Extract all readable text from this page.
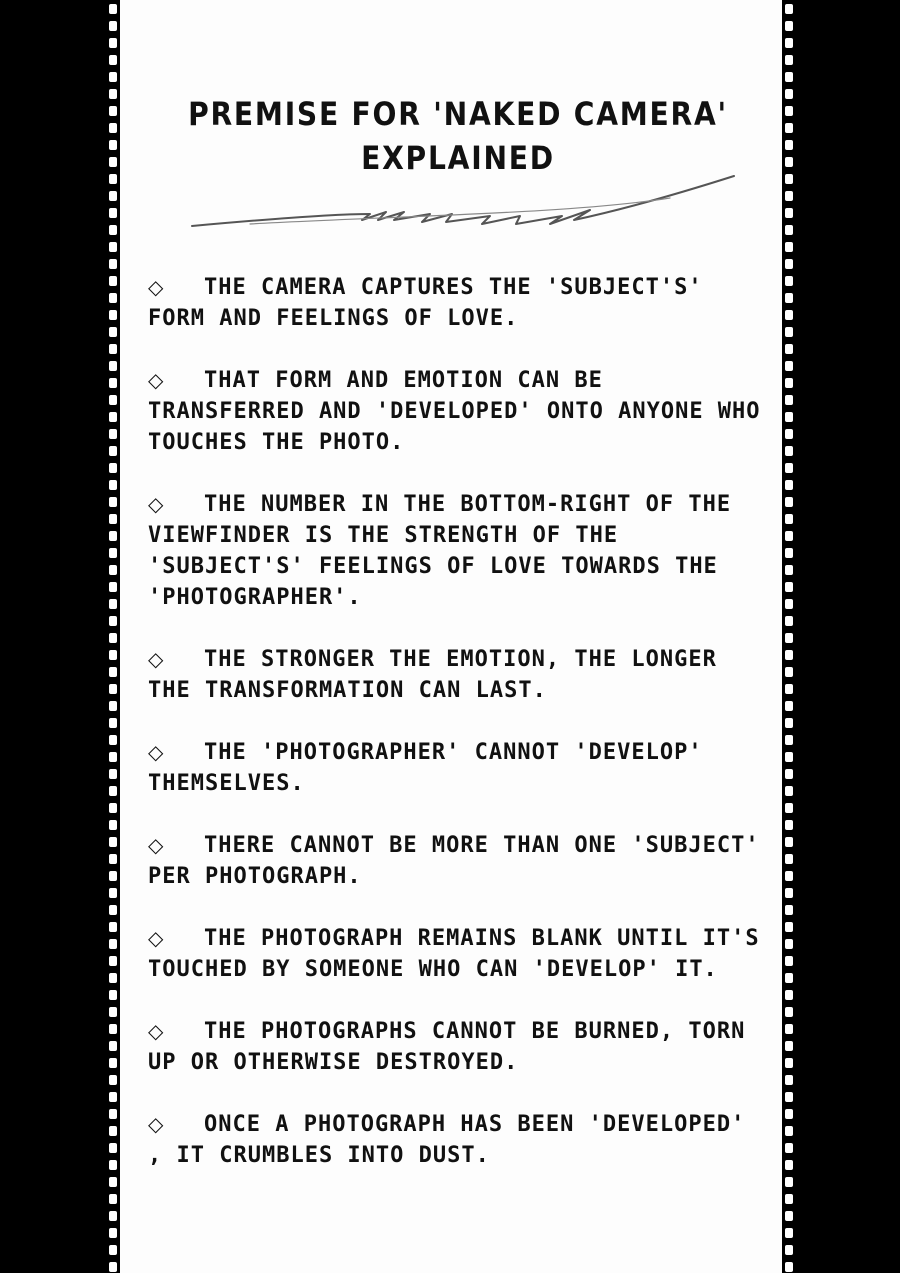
PREMISE FOR 'NAKED CAMERA' EXPLAINED
◇ THE CAMERA CAPTURES THE 'SUBJECT'S' FORM AND FEELINGS OF LOVE.
◇ THAT FORM AND EMOTION CAN BE TRANSFERRED AND 'DEVELOPED' ONTO ANYONE WHO TOUCHES THE PHOTO.
◇ THE NUMBER IN THE BOTTOM-RIGHT OF THE VIEWFINDER IS THE STRENGTH OF THE 'SUBJECT'S' FEELINGS OF LOVE TOWARDS THE 'PHOTOGRAPHER'.
◇ THE STRONGER THE EMOTION, THE LONGER THE TRANSFORMATION CAN LAST.
◇ THE 'PHOTOGRAPHER' CANNOT 'DEVELOP' THEMSELVES.
◇ THERE CANNOT BE MORE THAN ONE 'SUBJECT' PER PHOTOGRAPH.
◇ THE PHOTOGRAPH REMAINS BLANK UNTIL IT'S TOUCHED BY SOMEONE WHO CAN 'DEVELOP' IT.
◇ THE PHOTOGRAPHS CANNOT BE BURNED, TORN UP OR OTHERWISE DESTROYED.
◇ ONCE A PHOTOGRAPH HAS BEEN 'DEVELOPED' , IT CRUMBLES INTO DUST.
